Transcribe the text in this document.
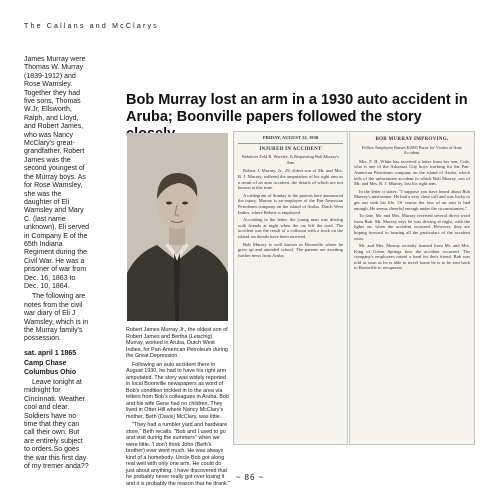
The Callans and McClarys

James Murray were Thomas W. Murray (1839-1912) and Rose Wamsley. Together they had five sons, Thomas W.Jr, Ellsworth, Ralph, and Lloyd, and Robert James, who was Nancy McClary's great-grandfather. Robert James was the second youngest of the Murray boys. As for Rose Wamsley, she was the daughter of Eli Wamsley and Mary C. (last name unknown). Eli served in Company E of the 65th Indiana Regiment during the Civil War. He was a prisoner of war from Dec. 16, 1863 to Dec. 10, 1864.

The following are notes from the civil war diary of Eli J Wamsley, which is in the Murray family's possession.

sat. april 1 1865

Camp Chase Columbus Ohio

Leave tonight at midnight for Cincinnati. Weather cool and clear. Soldiers have no time that they can call their own. But are entirely subject to orders.So goes the war this first day of my tremer anda??

Bob Murray lost an arm in a 1930 auto accident in Aruba; Boonville papers followed the story

Robert James Murray Jr., the oldest son of Robert James and Bertha (Leischig) Murray, worked in Aruba, Dutch West Indies, for Pan-American Petroleum during the Great Depression.

Following an auto accident there in August 1930, he had to have his right arm amputated. The story was widely reported in local Boonville newspapers as word of Bob's condition trickled in to the area via letters from Bob's colleagues in Aruba. Bob and his wife Gene had no children. They lived in Otter Hill where Nancy McClary's mother, Beth (Davis) McClary, was little.

"They had a rumbler yard and hardware store," Beth recalls. "Bob and I used to go and visit during the summers" when we were little. 'I don't think John (Beth's brother) ever went much. He was always kind of a homebody. Uncle Bob got along real well with only one arm. He could do just about anything. I have discovered that he probably never really got over losing it and it is probably the reason that he drank."

FRIDAY, AUGUST 22, 1930
INJURED IN ACCIDENT
Relatives Told R. Worsley, Is Requesting Bob Murray's Arm

Robert J. Murray, Jr., 29, eldest son of Mr. and Mrs. R. J. Murray, suffered the amputation of his right arm as a result of an auto accident, the details of which are not known at this time.

A cablegram of Sunday to the parents here announced the injury. Murray is an employee of the Pan-American Petroleum company on the island of Aruba, Dutch West Indies, where Robert is employed.

According to the letter, the young man was driving with friends at night when the car left the road. The accident was the result of a collision with a truck on the island, no details have been received.

Bob Murray is well known in Boonville where he grew up and attended school. The parents are awaiting further news from Aruba.

BOB MURRAY IMPROVING.
Fellow Employee Raises $1000 Purse for Victim of Auto Accident.

Mrs. F. H. White has received a letter from her son, Cole, who is one of the Arkansas City boys working for the Pan-American Petroleum company on the island of Aruba, which tells of the unfortunate accident in which Bob Murray, son of Mr. and Mrs. R. J. Murray, lost his right arm.

In the letter it states: "I suppose you have heard about Bob Murray's misfortune. He had a very close call and was lucky to get out with his life. Of course the loss of an arm is bad enough. He seems cheerful enough under the circumstances."

To date, Mr. and Mrs. Murray received several direct word from Bob. Mr. Murray says he was driving at night, with the lights on, when the accident occurred. However, they are hoping forward to hearing all the particulars of the accident soon.

Mr. and Mrs. Murray recently learned from Mr. and Mrs. King of Green Springs how the accident occurred. The company's employees raised a fund for their friend. Bob was told as soon as he is able to travel home he is to be sent back to Boonville to recuperate.

~ 86 ~
